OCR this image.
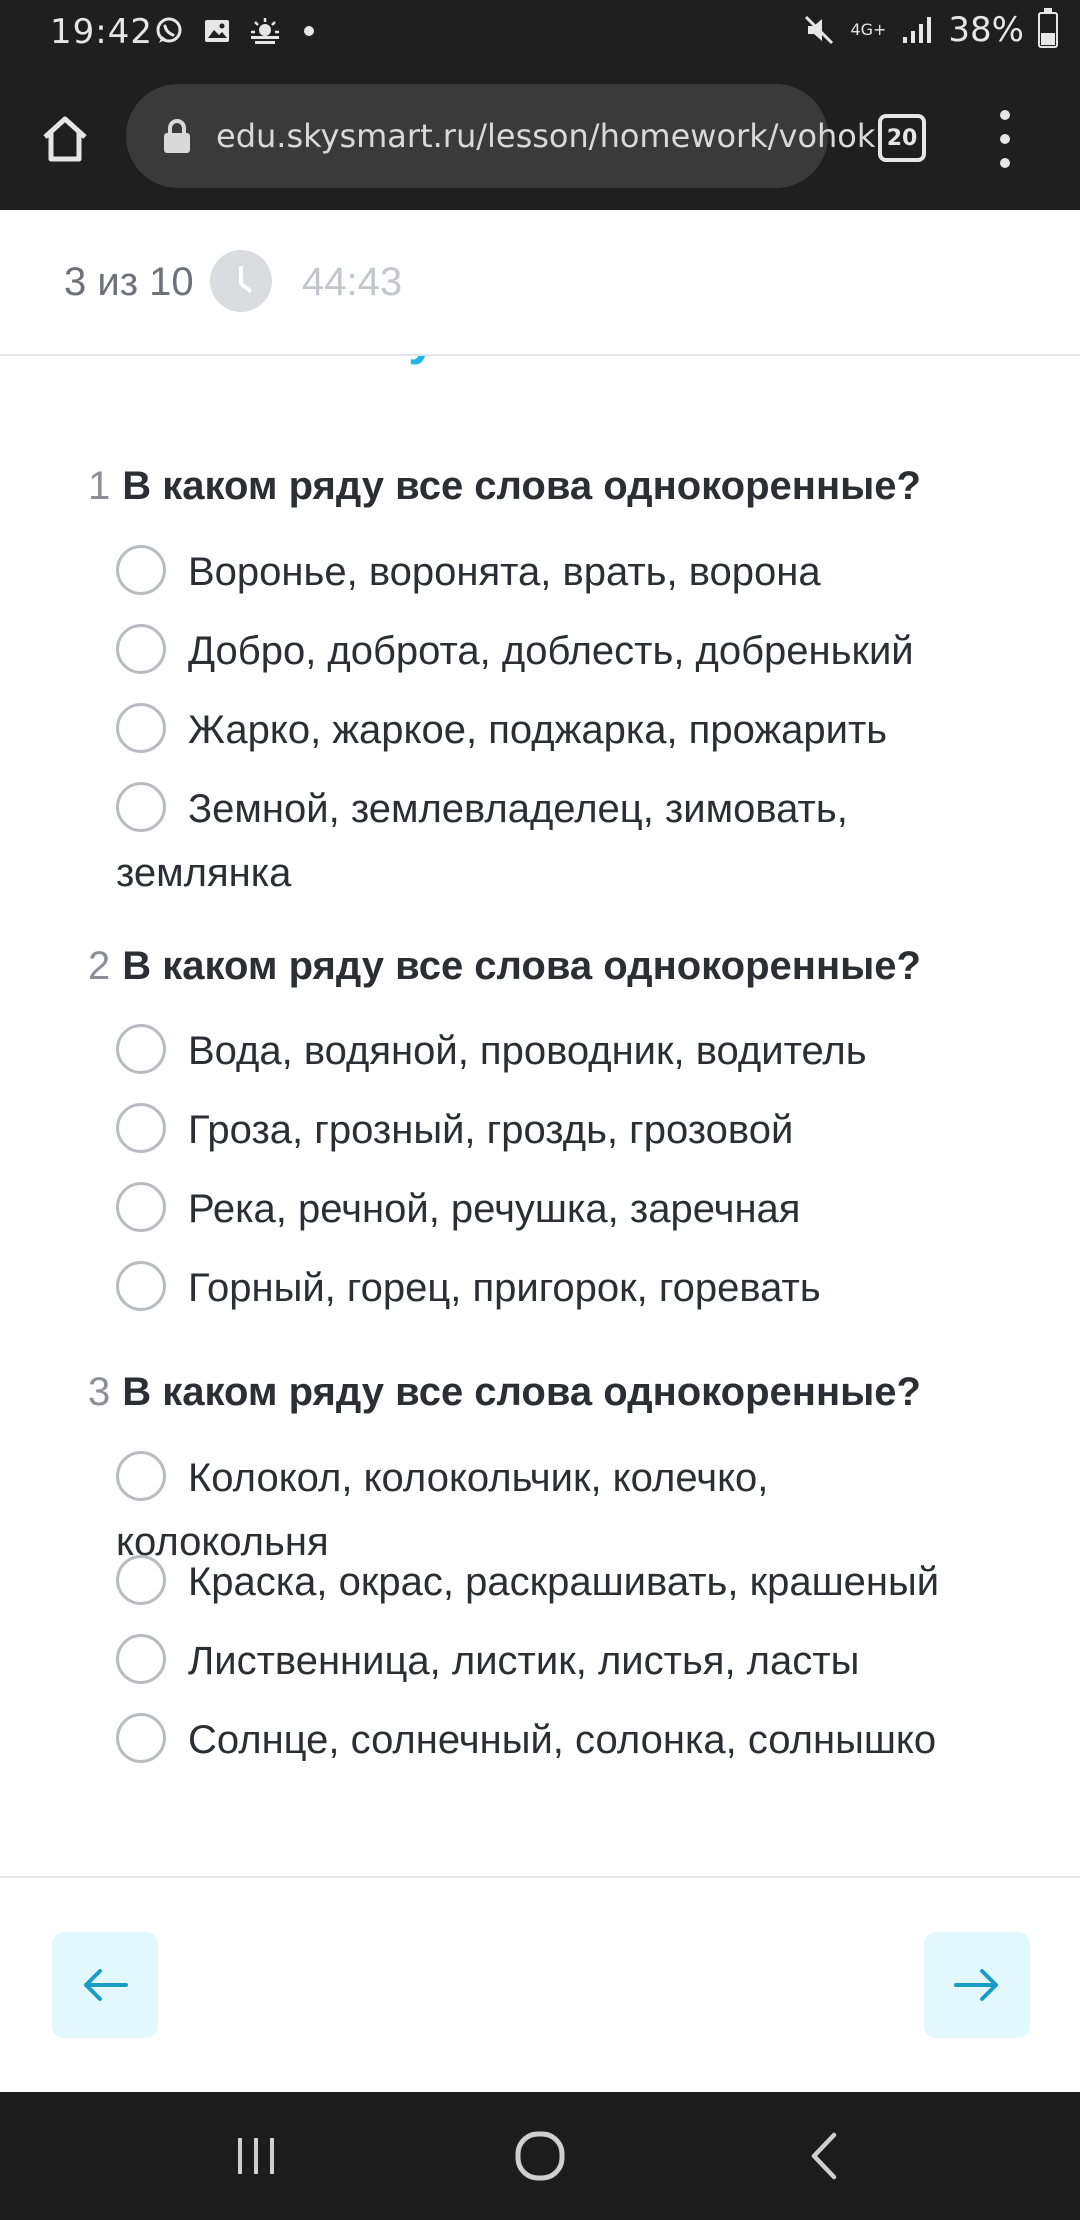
19:42	4G+ 38%
edu.skysmart.ru/lesson/homework/vohok 20
3 из 10	44:43
1 В каком ряду все слова однокоренные?
Воронье, воронята, врать, ворона
Добро, доброта, доблесть, добренький
Жарко, жаркое, поджарка, прожарить
Земной, землевладелец, зимовать, землянка
2 В каком ряду все слова однокоренные?
Вода, водяной, проводник, водитель
Гроза, грозный, гроздь, грозовой
Река, речной, речушка, заречная
Горный, горец, пригорок, горевать
3 В каком ряду все слова однокоренные?
Колокол, колокольчик, колечко, колокольня
Краска, окрас, раскрашивать, крашеный
Лиственница, листик, листья, ласты
Солнце, солнечный, солонка, солнышко
